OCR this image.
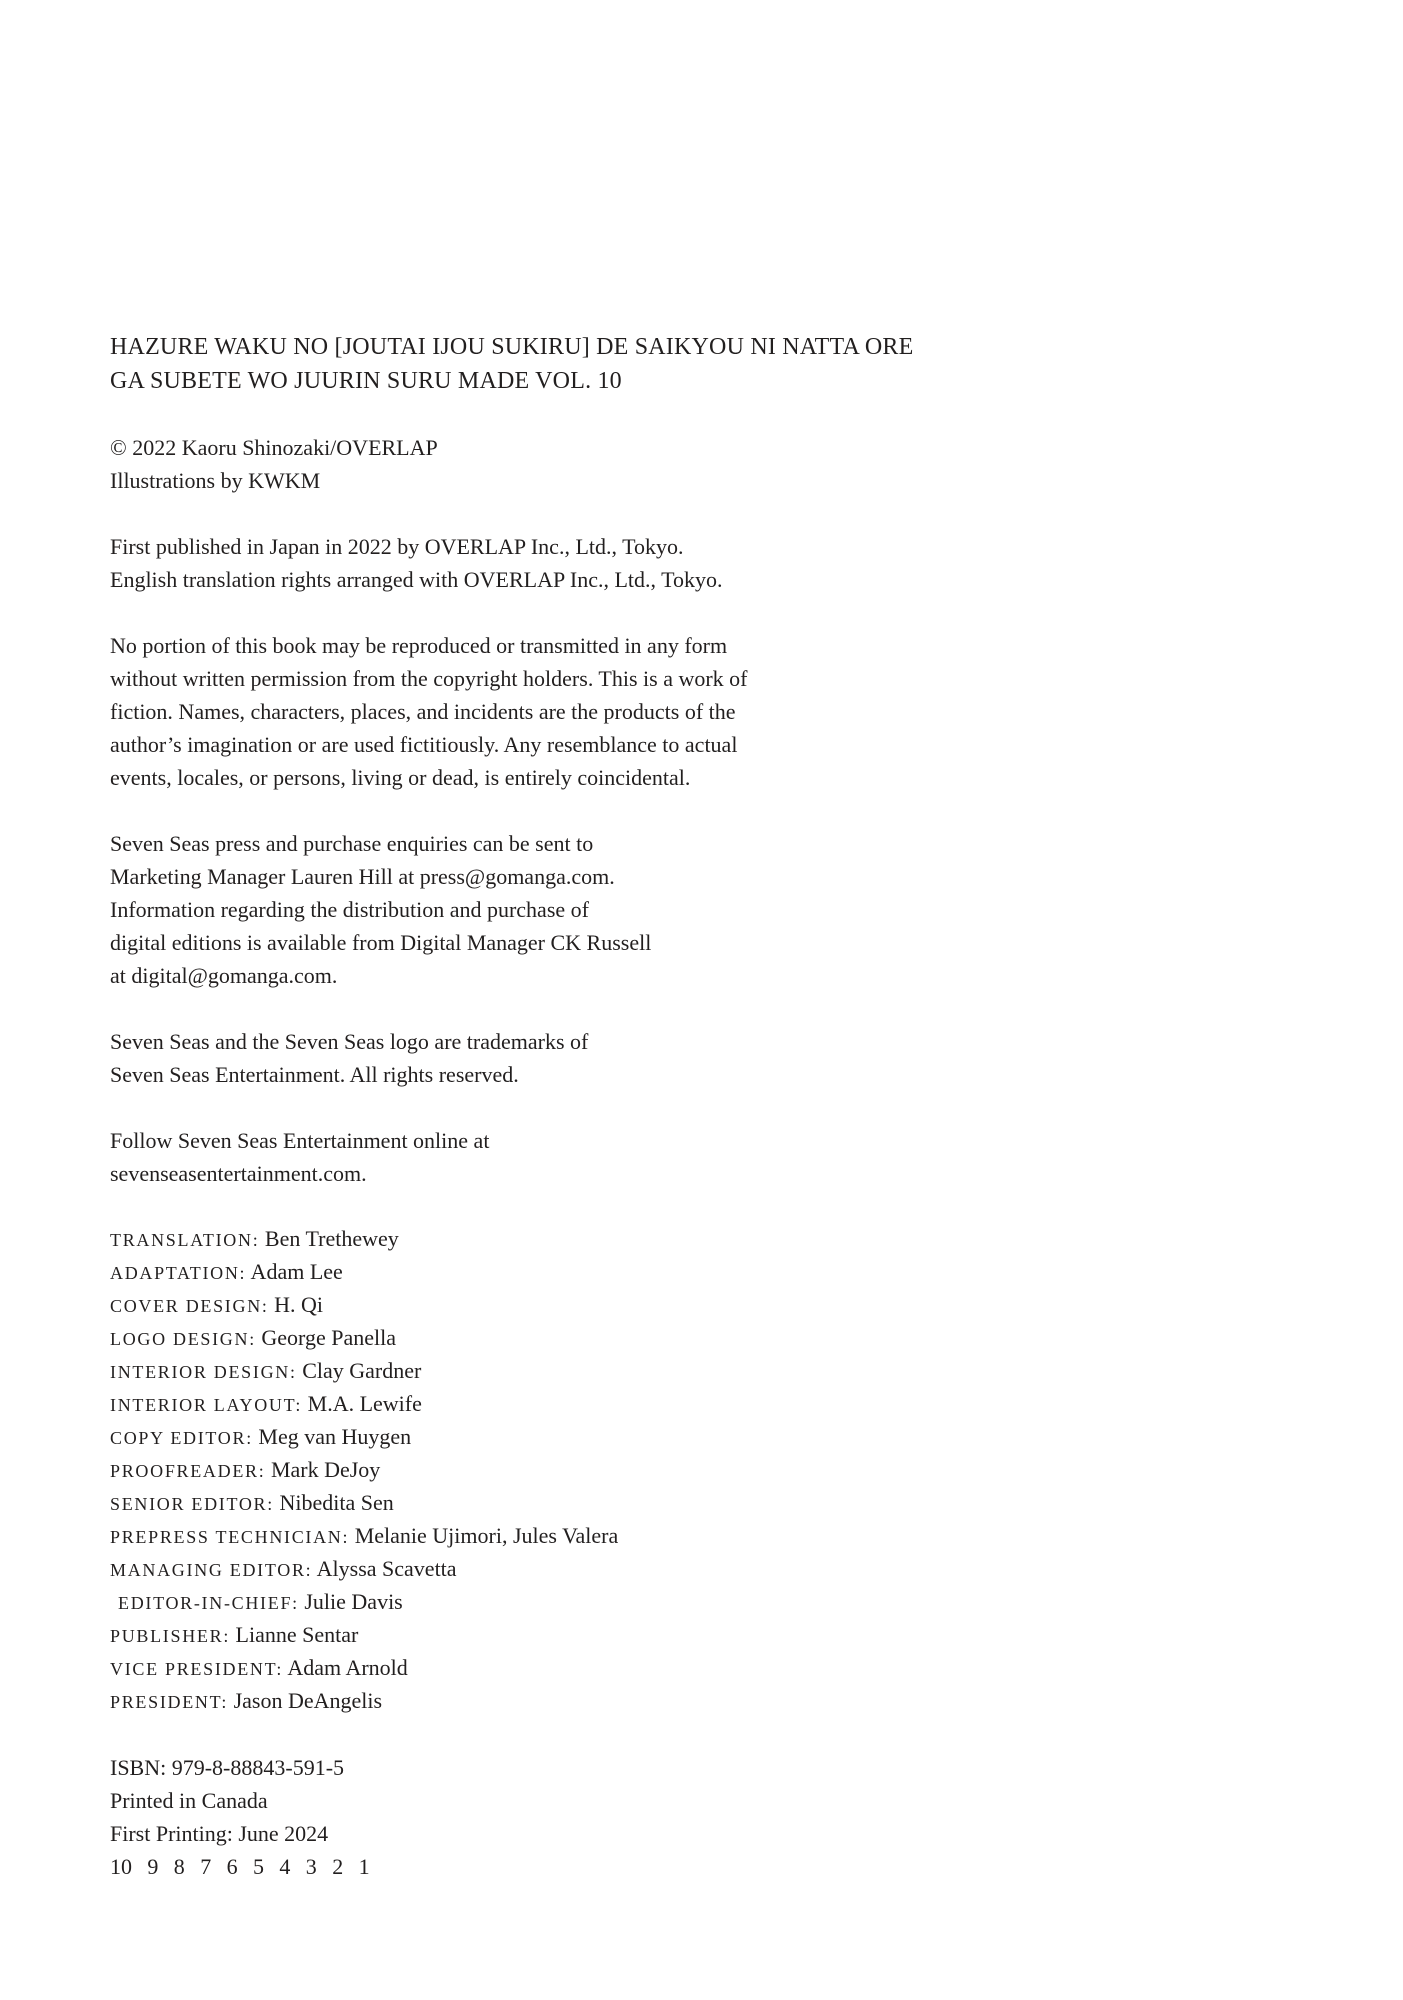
HAZURE WAKU NO [JOUTAI IJOU SUKIRU] DE SAIKYOU NI NATTA ORE
GA SUBETE WO JUURIN SURU MADE VOL. 10
© 2022 Kaoru Shinozaki/OVERLAP
Illustrations by KWKM
First published in Japan in 2022 by OVERLAP Inc., Ltd., Tokyo.
English translation rights arranged with OVERLAP Inc., Ltd., Tokyo.
No portion of this book may be reproduced or transmitted in any form
without written permission from the copyright holders. This is a work of
fiction. Names, characters, places, and incidents are the products of the
author’s imagination or are used fictitiously. Any resemblance to actual
events, locales, or persons, living or dead, is entirely coincidental.
Seven Seas press and purchase enquiries can be sent to
Marketing Manager Lauren Hill at press@gomanga.com.
Information regarding the distribution and purchase of
digital editions is available from Digital Manager CK Russell
at digital@gomanga.com.
Seven Seas and the Seven Seas logo are trademarks of
Seven Seas Entertainment. All rights reserved.
Follow Seven Seas Entertainment online at
sevenseasentertainment.com.
TRANSLATION: Ben Trethewey
ADAPTATION: Adam Lee
COVER DESIGN: H. Qi
LOGO DESIGN: George Panella
INTERIOR DESIGN: Clay Gardner
INTERIOR LAYOUT: M.A. Lewife
COPY EDITOR: Meg van Huygen
PROOFREADER: Mark DeJoy
SENIOR EDITOR: Nibedita Sen
PREPRESS TECHNICIAN: Melanie Ujimori, Jules Valera
MANAGING EDITOR: Alyssa Scavetta
EDITOR-IN-CHIEF: Julie Davis
PUBLISHER: Lianne Sentar
VICE PRESIDENT: Adam Arnold
PRESIDENT: Jason DeAngelis
ISBN: 979-8-88843-591-5
Printed in Canada
First Printing: June 2024
10 9 8 7 6 5 4 3 2 1
